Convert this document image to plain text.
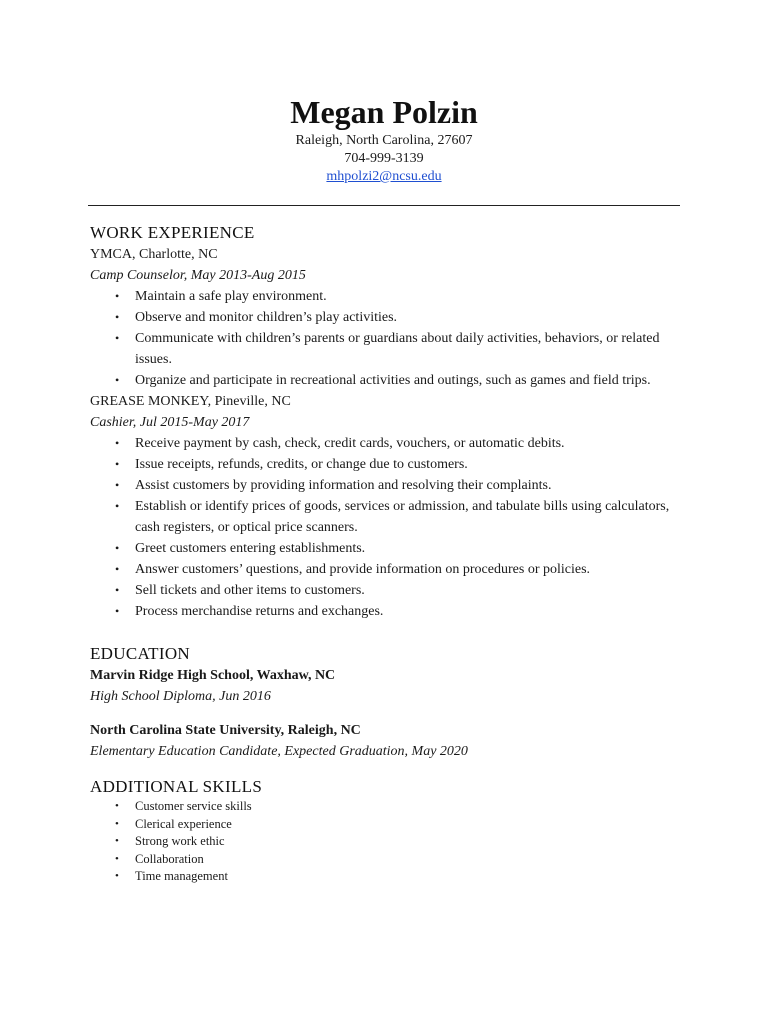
Megan Polzin

Raleigh, North Carolina, 27607

704-999-3139

mhpolzi2@ncsu.edu

WORK EXPERIENCE

YMCA, Charlotte, NC

Camp Counselor, May 2013-Aug 2015

• Maintain a safe play environment.
• Observe and monitor children’s play activities.
• Communicate with children’s parents or guardians about daily activities, behaviors, or related issues.
• Organize and participate in recreational activities and outings, such as games and field trips.

GREASE MONKEY, Pineville, NC

Cashier, Jul 2015-May 2017

• Receive payment by cash, check, credit cards, vouchers, or automatic debits.
• Issue receipts, refunds, credits, or change due to customers.
• Assist customers by providing information and resolving their complaints.
• Establish or identify prices of goods, services or admission, and tabulate bills using calculators, cash registers, or optical price scanners.
• Greet customers entering establishments.
• Answer customers’ questions, and provide information on procedures or policies.
• Sell tickets and other items to customers.
• Process merchandise returns and exchanges.

EDUCATION

Marvin Ridge High School, Waxhaw, NC

High School Diploma, Jun 2016

North Carolina State University, Raleigh, NC

Elementary Education Candidate, Expected Graduation, May 2020

ADDITIONAL SKILLS

• Customer service skills
• Clerical experience
• Strong work ethic
• Collaboration
• Time management
